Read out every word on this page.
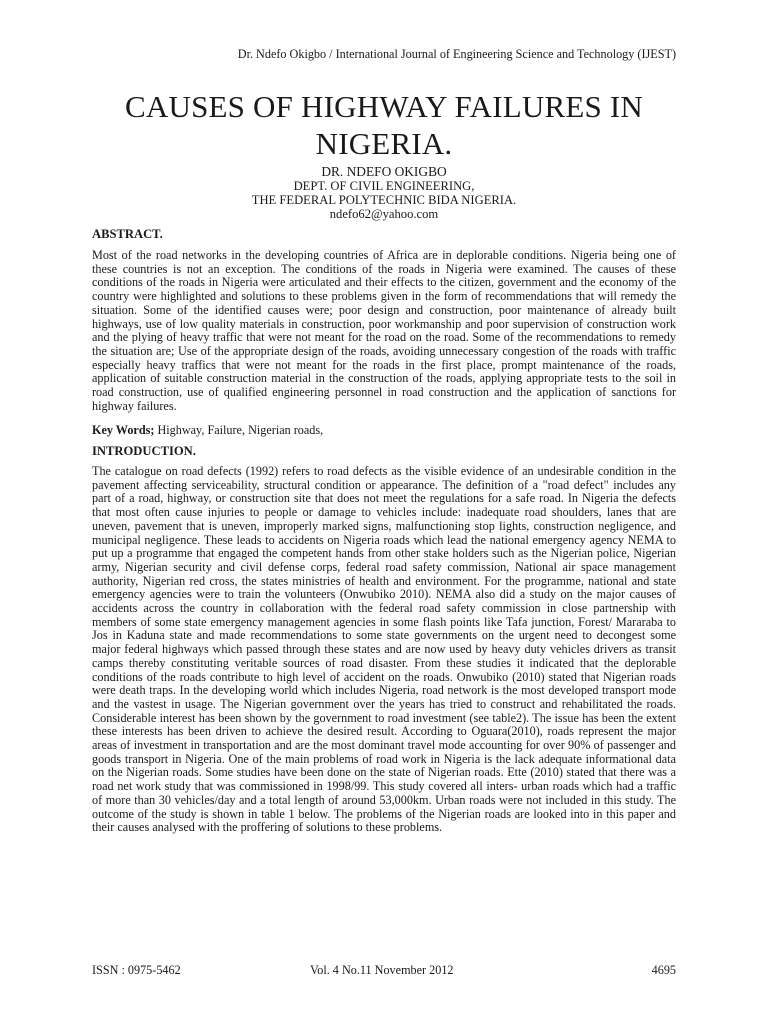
Dr. Ndefo Okigbo / International Journal of Engineering Science and Technology (IJEST)
CAUSES OF HIGHWAY FAILURES IN NIGERIA.
DR. NDEFO OKIGBO
DEPT. OF CIVIL ENGINEERING,
THE FEDERAL POLYTECHNIC BIDA NIGERIA.
ndefo62@yahoo.com
ABSTRACT.
Most of the road networks in the developing countries of Africa are in deplorable conditions. Nigeria being one of these countries is not an exception. The conditions of the roads in Nigeria were examined. The causes of these conditions of the roads in Nigeria were articulated and their effects to the citizen, government and the economy of the country were highlighted and solutions to these problems given in the form of recommendations that will remedy the situation. Some of the identified causes were; poor design and construction, poor maintenance of already built highways, use of low quality materials in construction, poor workmanship and poor supervision of construction work and the plying of heavy traffic that were not meant for the road on the road. Some of the recommendations to remedy the situation are; Use of the appropriate design of the roads, avoiding unnecessary congestion of the roads with traffic especially heavy traffics that were not meant for the roads in the first place, prompt maintenance of the roads, application of suitable construction material in the construction of the roads, applying appropriate tests to the soil in road construction, use of qualified engineering personnel in road construction and the application of sanctions for highway failures.
Key Words; Highway, Failure, Nigerian roads,
INTRODUCTION.
The catalogue on road defects (1992) refers to road defects as the visible evidence of an undesirable condition in the pavement affecting serviceability, structural condition or appearance. The definition of a "road defect" includes any part of a road, highway, or construction site that does not meet the regulations for a safe road. In Nigeria the defects that most often cause injuries to people or damage to vehicles include: inadequate road shoulders, lanes that are uneven, pavement that is uneven, improperly marked signs, malfunctioning stop lights, construction negligence, and municipal negligence. These leads to accidents on Nigeria roads which lead the national emergency agency NEMA to put up a programme that engaged the competent hands from other stake holders such as the Nigerian police, Nigerian army, Nigerian security and civil defense corps, federal road safety commission, National air space management authority, Nigerian red cross, the states ministries of health and environment. For the programme, national and state emergency agencies were to train the volunteers (Onwubiko 2010). NEMA also did a study on the major causes of accidents across the country in collaboration with the federal road safety commission in close partnership with members of some state emergency management agencies in some flash points like Tafa junction, Forest/ Mararaba to Jos in Kaduna state and made recommendations to some state governments on the urgent need to decongest some major federal highways which passed through these states and are now used by heavy duty vehicles drivers as transit camps thereby constituting veritable sources of road disaster. From these studies it indicated that the deplorable conditions of the roads contribute to high level of accident on the roads. Onwubiko (2010) stated that Nigerian roads were death traps. In the developing world which includes Nigeria, road network is the most developed transport mode and the vastest in usage. The Nigerian government over the years has tried to construct and rehabilitated the roads. Considerable interest has been shown by the government to road investment (see table2). The issue has been the extent these interests has been driven to achieve the desired result. According to Oguara(2010), roads represent the major areas of investment in transportation and are the most dominant travel mode accounting for over 90% of passenger and goods transport in Nigeria. One of the main problems of road work in Nigeria is the lack adequate informational data on the Nigerian roads. Some studies have been done on the state of Nigerian roads. Ette (2010) stated that there was a road net work study that was commissioned in 1998/99. This study covered all inters- urban roads which had a traffic of more than 30 vehicles/day and a total length of around 53,000km. Urban roads were not included in this study. The outcome of the study is shown in table 1 below. The problems of the Nigerian roads are looked into in this paper and their causes analysed with the proffering of solutions to these problems.
ISSN : 0975-5462	Vol. 4 No.11 November 2012	4695
